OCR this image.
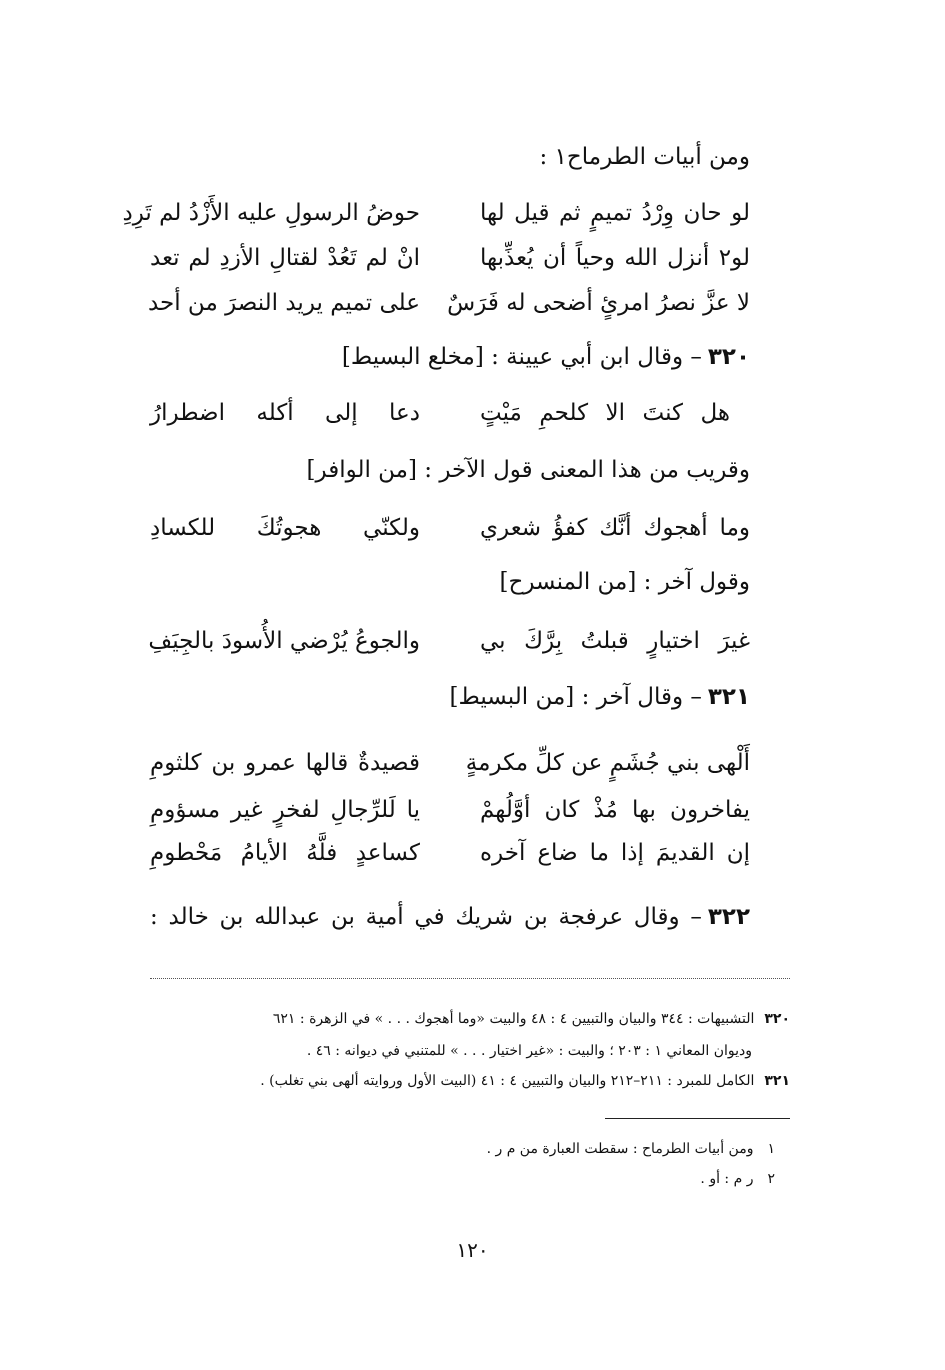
ومن أبيات الطرماح١ :
لو حان وِرْدُ تميمٍ ثم قيل لها
حوضُ الرسولِ عليه الأَزْدُ لم تَرِدِ
لو٢ أنزل الله وحياً أن يُعذِّبها
انْ لم تَعُدْ لقتالِ الأزدِ لم تعد
لا عزَّ نصرُ امرئٍ أضحى له فَرَسٌ
على تميم يريد النصرَ من أحد
٣٢٠– وقال ابن أبي عيينة : [مخلع البسيط]
هل كنتَ الا كلحمِ مَيْتٍ
دعا إلى أكله اضطرارُ
وقريب من هذا المعنى قول الآخر : [من الوافر]
وما أهجوك أنَّك كفؤُ شعري
ولكنّي هجوتُكَ للكسادِ
وقول آخر : [من المنسرح]
غيرَ اختيارٍ قبلتُ بِرَّكَ بي
والجوعُ يُرْضي الأُسودَ بالجِيَفِ
٣٢١– وقال آخر : [من البسيط]
أَلْهى بني جُشَمٍ عن كلِّ مكرمةٍ
قصيدةٌ قالها عمرو بن كلثومِ
يفاخرون بها مُذْ كان أوَّلُهمْ
يا لَلرِّجالِ لفخرٍ غير مسؤومِ
إن القديمَ إذا ما ضاع آخره
كساعدٍ فلَّهُ الأيامُ مَحْطومِ
٣٢٢– وقال عرفجة بن شريك في أمية بن عبدالله بن خالد :
٣٢٠التشبيهات : ٣٤٤ والبيان والتبيين ٤ : ٤٨ والبيت «وما أهجوك . . . » في الزهرة : ٦٢١
وديوان المعاني ١ : ٢٠٣ ؛ والبيت : «غير اختيار . . . » للمتنبي في ديوانه : ٤٦ .
٣٢١الكامل للمبرد : ٢١١–٢١٢ والبيان والتبيين ٤ : ٤١ (البيت الأول وروايته ألهى بني تغلب) .
١ومن أبيات الطرماح : سقطت العبارة من م ر .
٢ر م : أو .
١٢٠
